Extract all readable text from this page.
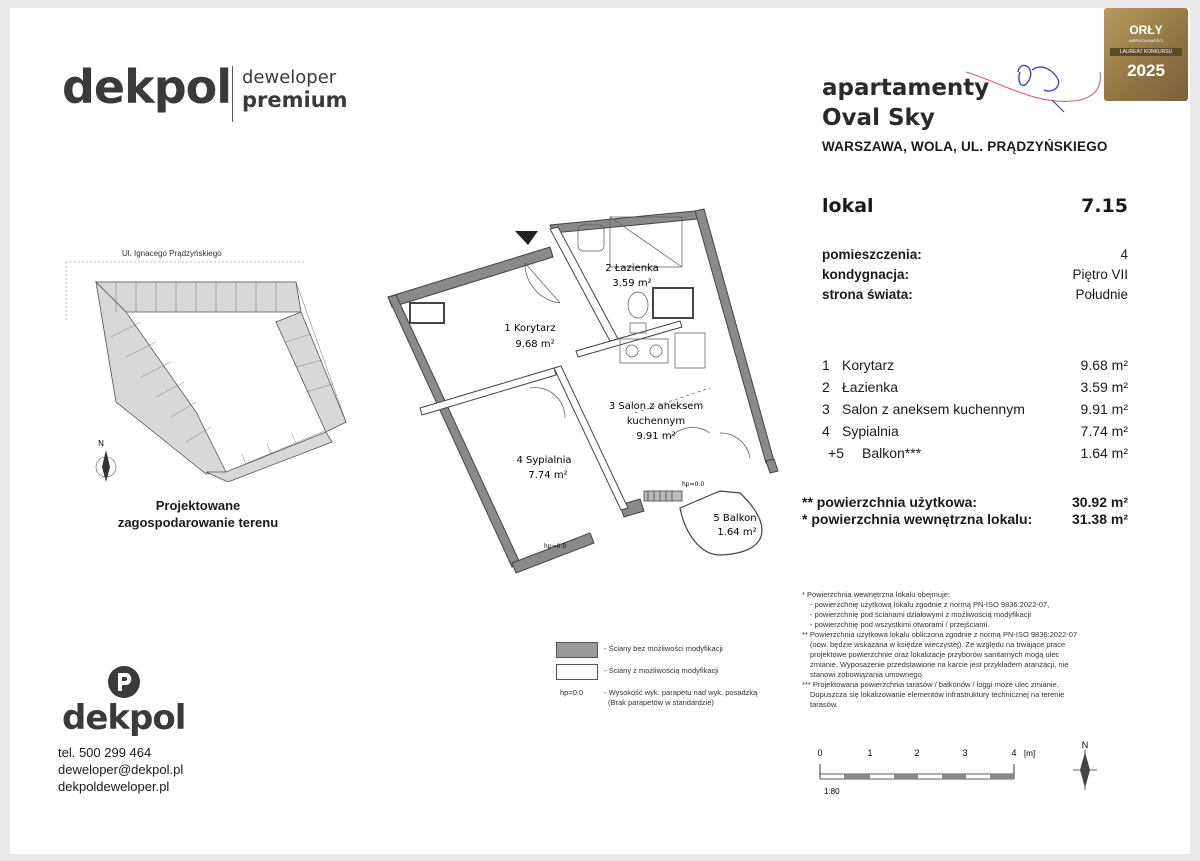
dekpol deweloper
premium
ORŁY
NIERUCHOMOŚCI
LAUREAT KONKURSU
2025
apartamenty
Oval Sky
WARSZAWA, WOLA, UL. PRĄDZYŃSKIEGO
lokal	7.15
pomieszczenia:	4
kondygnacja:	Piętro VII
strona świata:	Południe
1 Korytarz	9.68 m²
2 Łazienka	3.59 m²
3 Salon z aneksem kuchennym	9.91 m²
4 Sypialnia	7.74 m²
+5 Balkon***	1.64 m²
** powierzchnia użytkowa:	30.92 m²
* powierzchnia wewnętrzna lokalu:	31.38 m²
* Powierzchnia wewnętrzna lokalu obejmuje:
- powierzchnię użytkową lokalu zgodnie z normą PN-ISO 9836:2022-07,
- powierzchnię pod ścianami działowymi z możliwością modyfikacji
- powierzchnię pod wszystkimi otworami / przejściami.
** Powierzchnia użytkowa lokalu obliczona zgodnie z normą PN-ISO 9836:2022-07
(oow. będzie wskazana w księdze wieczystej). Ze względu na trwające prace
projektowe powierzchnie oraz lokalizacje przyborów sanitarnych mogą ulec
zmianie. Wyposażenie przedstawione na karcie jest przykładem aranżacji, nie
stanowi zobowiązania umownego.
*** Projektowana powierzchnia tarasów / balkonów / loggi może ulec zmianie.
Dopuszcza się lokalizowanie elementów infrastruktury technicznej na terenie
tarasów.
- Ściany bez możliwości modyfikacji
- Ściany z możliwością modyfikacji
hp=0.0	- Wysokość wyk. parapetu nad wyk. posadzką
(Brak parapetów w standardzie)
0	1	2	3	4 [m]
1:80
N
Ul. Ignacego Prądzyńskiego
N
Projektowane
zagospodarowanie terenu
1 Korytarz
9.68 m²
2 Łazienka
3.59 m²
3 Salon z aneksem
kuchennym
9.91 m²
4 Sypialnia
7.74 m²
5 Balkon
1.64 m²
hp=0.0
hp=0.0
dekpol
tel. 500 299 464
deweloper@dekpol.pl
dekpoldeweloper.pl
